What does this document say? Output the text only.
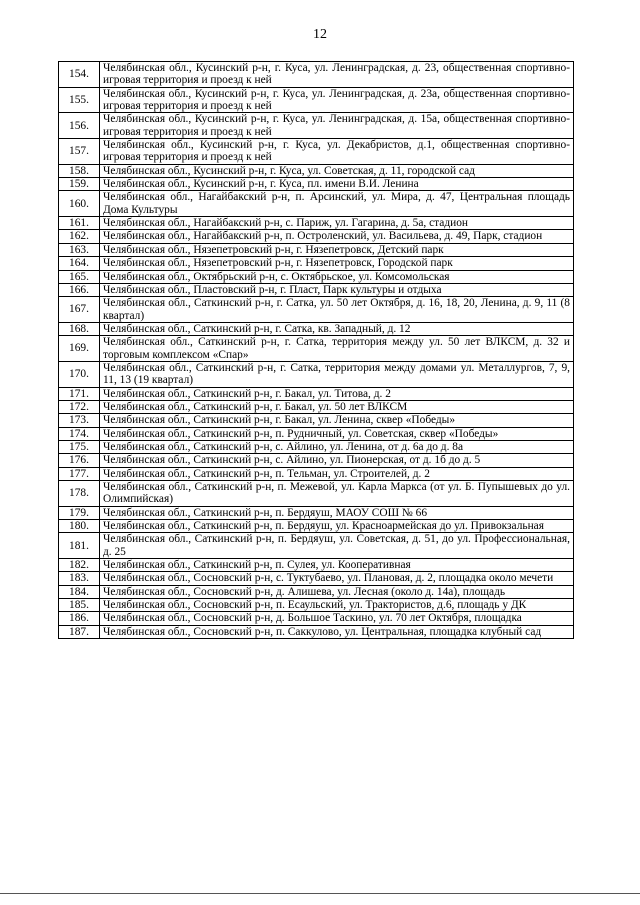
12
154.	Челябинская обл., Кусинский р-н, г. Куса, ул. Ленинградская, д. 23, общественная спортивно-игровая территория и проезд к ней
155.	Челябинская обл., Кусинский р-н, г. Куса, ул. Ленинградская, д. 23а, общественная спортивно-игровая территория и проезд к ней
156.	Челябинская обл., Кусинский р-н, г. Куса, ул. Ленинградская, д. 15а, общественная спортивно-игровая территория и проезд к ней
157.	Челябинская обл., Кусинский р-н, г. Куса, ул. Декабристов, д.1, общественная спортивно-игровая территория и проезд к ней
158.	Челябинская обл., Кусинский р-н, г. Куса, ул. Советская, д. 11, городской сад
159.	Челябинская обл., Кусинский р-н, г. Куса, пл. имени В.И. Ленина
160.	Челябинская обл., Нагайбакский р-н, п. Арсинский, ул. Мира, д. 47, Центральная площадь Дома Культуры
161.	Челябинская обл., Нагайбакский р-н, с. Париж, ул. Гагарина, д. 5а, стадион
162.	Челябинская обл., Нагайбакский р-н, п. Остроленский, ул. Васильева, д. 49, Парк, стадион
163.	Челябинская обл., Нязепетровский р-н, г. Нязепетровск, Детский парк
164.	Челябинская обл., Нязепетровский р-н, г. Нязепетровск, Городской парк
165.	Челябинская обл., Октябрьский р-н, с. Октябрьское, ул. Комсомольская
166.	Челябинская обл., Пластовский р-н, г. Пласт, Парк культуры и отдыха
167.	Челябинская обл., Саткинский р-н, г. Сатка, ул. 50 лет Октября, д. 16, 18, 20, Ленина, д. 9, 11 (8 квартал)
168.	Челябинская обл., Саткинский р-н, г. Сатка, кв. Западный, д. 12
169.	Челябинская обл., Саткинский р-н, г. Сатка, территория между ул. 50 лет ВЛКСМ, д. 32 и торговым комплексом «Спар»
170.	Челябинская обл., Саткинский р-н, г. Сатка, территория между домами ул. Металлургов, 7, 9, 11, 13 (19 квартал)
171.	Челябинская обл., Саткинский р-н, г. Бакал, ул. Титова, д. 2
172.	Челябинская обл., Саткинский р-н, г. Бакал, ул. 50 лет ВЛКСМ
173.	Челябинская обл., Саткинский р-н, г. Бакал, ул. Ленина, сквер «Победы»
174.	Челябинская обл., Саткинский р-н, п. Рудничный, ул. Советская, сквер «Победы»
175.	Челябинская обл., Саткинский р-н, с. Айлино, ул. Ленина, от д. 6а до д. 8а
176.	Челябинская обл., Саткинский р-н, с. Айлино, ул. Пионерская, от д. 1б до д. 5
177.	Челябинская обл., Саткинский р-н, п. Тельман, ул. Строителей, д. 2
178.	Челябинская обл., Саткинский р-н, п. Межевой, ул. Карла Маркса (от ул. Б. Пупышевых до ул. Олимпийская)
179.	Челябинская обл., Саткинский р-н, п. Бердяуш, МАОУ СОШ № 66
180.	Челябинская обл., Саткинский р-н, п. Бердяуш, ул. Красноармейская до ул. Привокзальная
181.	Челябинская обл., Саткинский р-н, п. Бердяуш, ул. Советская, д. 51, до ул. Профессиональная, д. 25
182.	Челябинская обл., Саткинский р-н, п. Сулея, ул. Кооперативная
183.	Челябинская обл., Сосновский р-н, с. Туктубаево, ул. Плановая, д. 2, площадка около мечети
184.	Челябинская обл., Сосновский р-н, д. Алишева, ул. Лесная (около д. 14а), площадь
185.	Челябинская обл., Сосновский р-н, п. Есаульский, ул. Трактористов, д.6, площадь у ДК
186.	Челябинская обл., Сосновский р-н, д. Большое Таскино, ул. 70 лет Октября, площадка
187.	Челябинская обл., Сосновский р-н, п. Саккулово, ул. Центральная, площадка клубный сад
